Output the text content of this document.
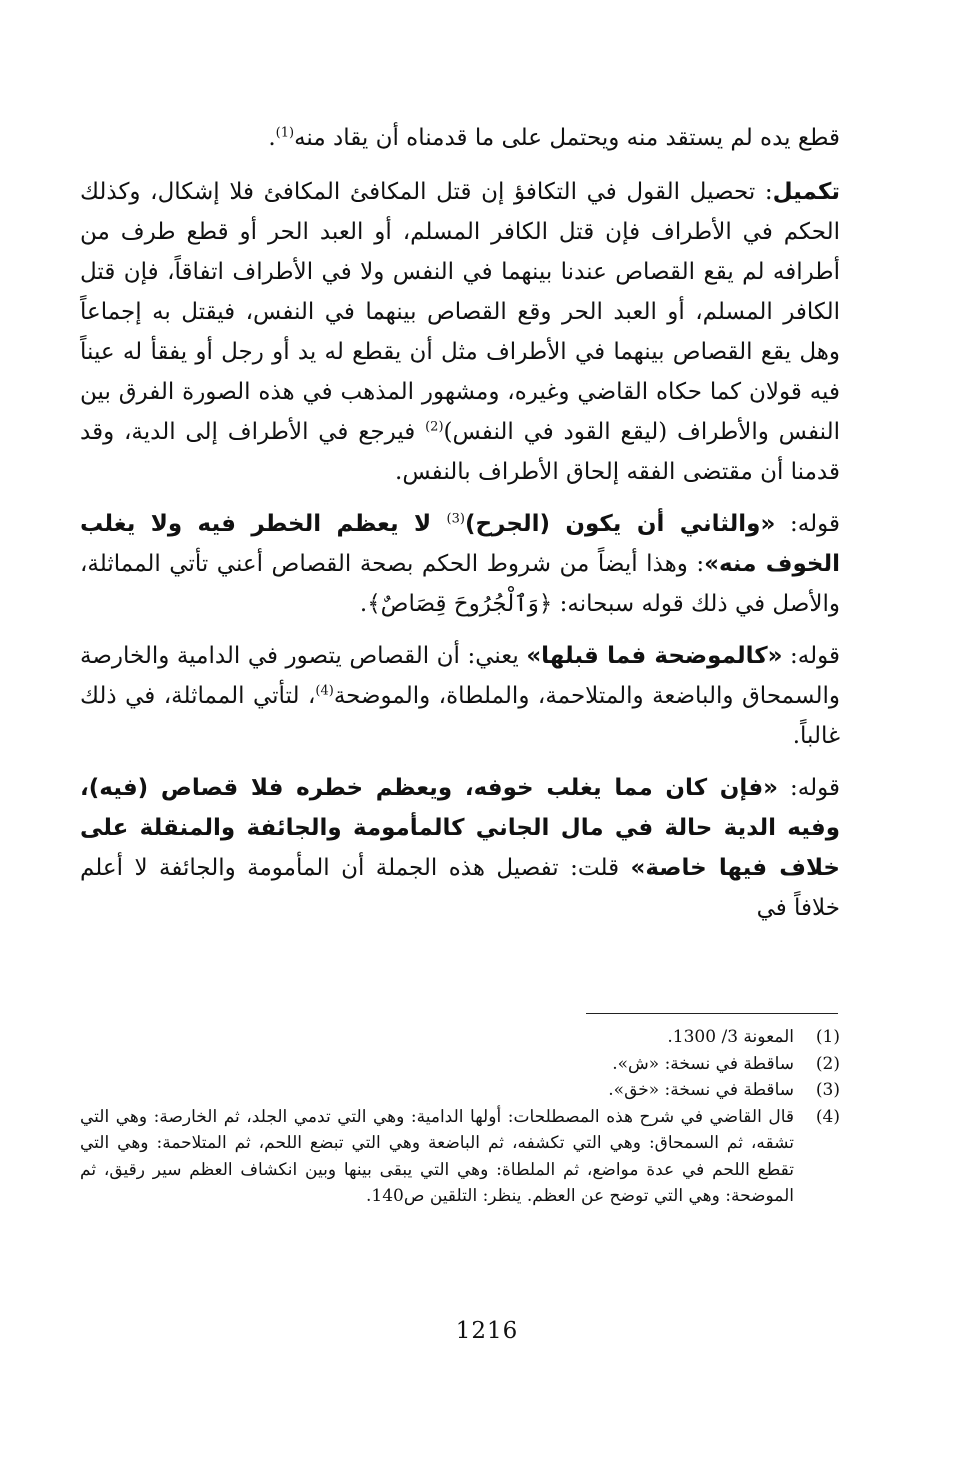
قطع يده لم يستقد منه ويحتمل على ما قدمناه أن يقاد منه$^{(1)}$.

تكميل: تحصيل القول في التكافؤ إن قتل المكافئ المكافئ فلا إشكال، وكذلك الحكم في الأطراف فإن قتل الكافر المسلم، أو العبد الحر أو قطع طرف من أطرافه لم يقع القصاص عندنا بينهما في النفس ولا في الأطراف اتفاقاً، فإن قتل الكافر المسلم، أو العبد الحر وقع القصاص بينهما في النفس، فيقتل به إجماعاً وهل يقع القصاص بينهما في الأطراف مثل أن يقطع له يد أو رجل أو يفقأ له عيناً فيه قولان كما حكاه القاضي وغيره، ومشهور المذهب في هذه الصورة الفرق بين النفس والأطراف (ليقع القود في النفس)$^{(2)}$ فيرجع في الأطراف إلى الدية، وقد قدمنا أن مقتضى الفقه إلحاق الأطراف بالنفس.

قوله: «والثاني أن يكون (الجرح)$^{(3)}$ لا يعظم الخطر فيه ولا يغلب الخوف منه»: وهذا أيضاً من شروط الحكم بصحة القصاص أعني تأتي المماثلة، والأصل في ذلك قوله سبحانه: ﴿وَٱلْجُرُوحَ قِصَاصٌ﴾.

قوله: «كالموضحة فما قبلها» يعني: أن القصاص يتصور في الدامية والخارصة والسمحاق والباضعة والمتلاحمة، والملطاة، والموضحة$^{(4)}$، لتأتي المماثلة، في ذلك غالباً.

قوله: «فإن كان مما يغلب خوفه، ويعظم خطره فلا قصاص (فيه)، وفيه الدية حالة في مال الجاني كالمأمومة والجائفة والمنقلة على خلاف فيها خاصة» قلت: تفصيل هذه الجملة أن المأمومة والجائفة لا أعلم خلافاً في

(1)
المعونة 3/ 1300.
(2)
ساقطة في نسخة: «ش».
(3)
ساقطة في نسخة: «خق».
(4)
قال القاضي في شرح هذه المصطلحات: أولها الدامية: وهي التي تدمي الجلد، ثم الخارصة: وهي التي تشقه، ثم السمحاق: وهي التي تكشفه، ثم الباضعة وهي التي تبضع اللحم، ثم المتلاحمة: وهي التي تقطع اللحم في عدة مواضع، ثم الملطاة: وهي التي يبقى بينها وبين انكشاف العظم سير رقيق، ثم الموضحة: وهي التي توضح عن العظم. ينظر: التلقين ص140.
1216
